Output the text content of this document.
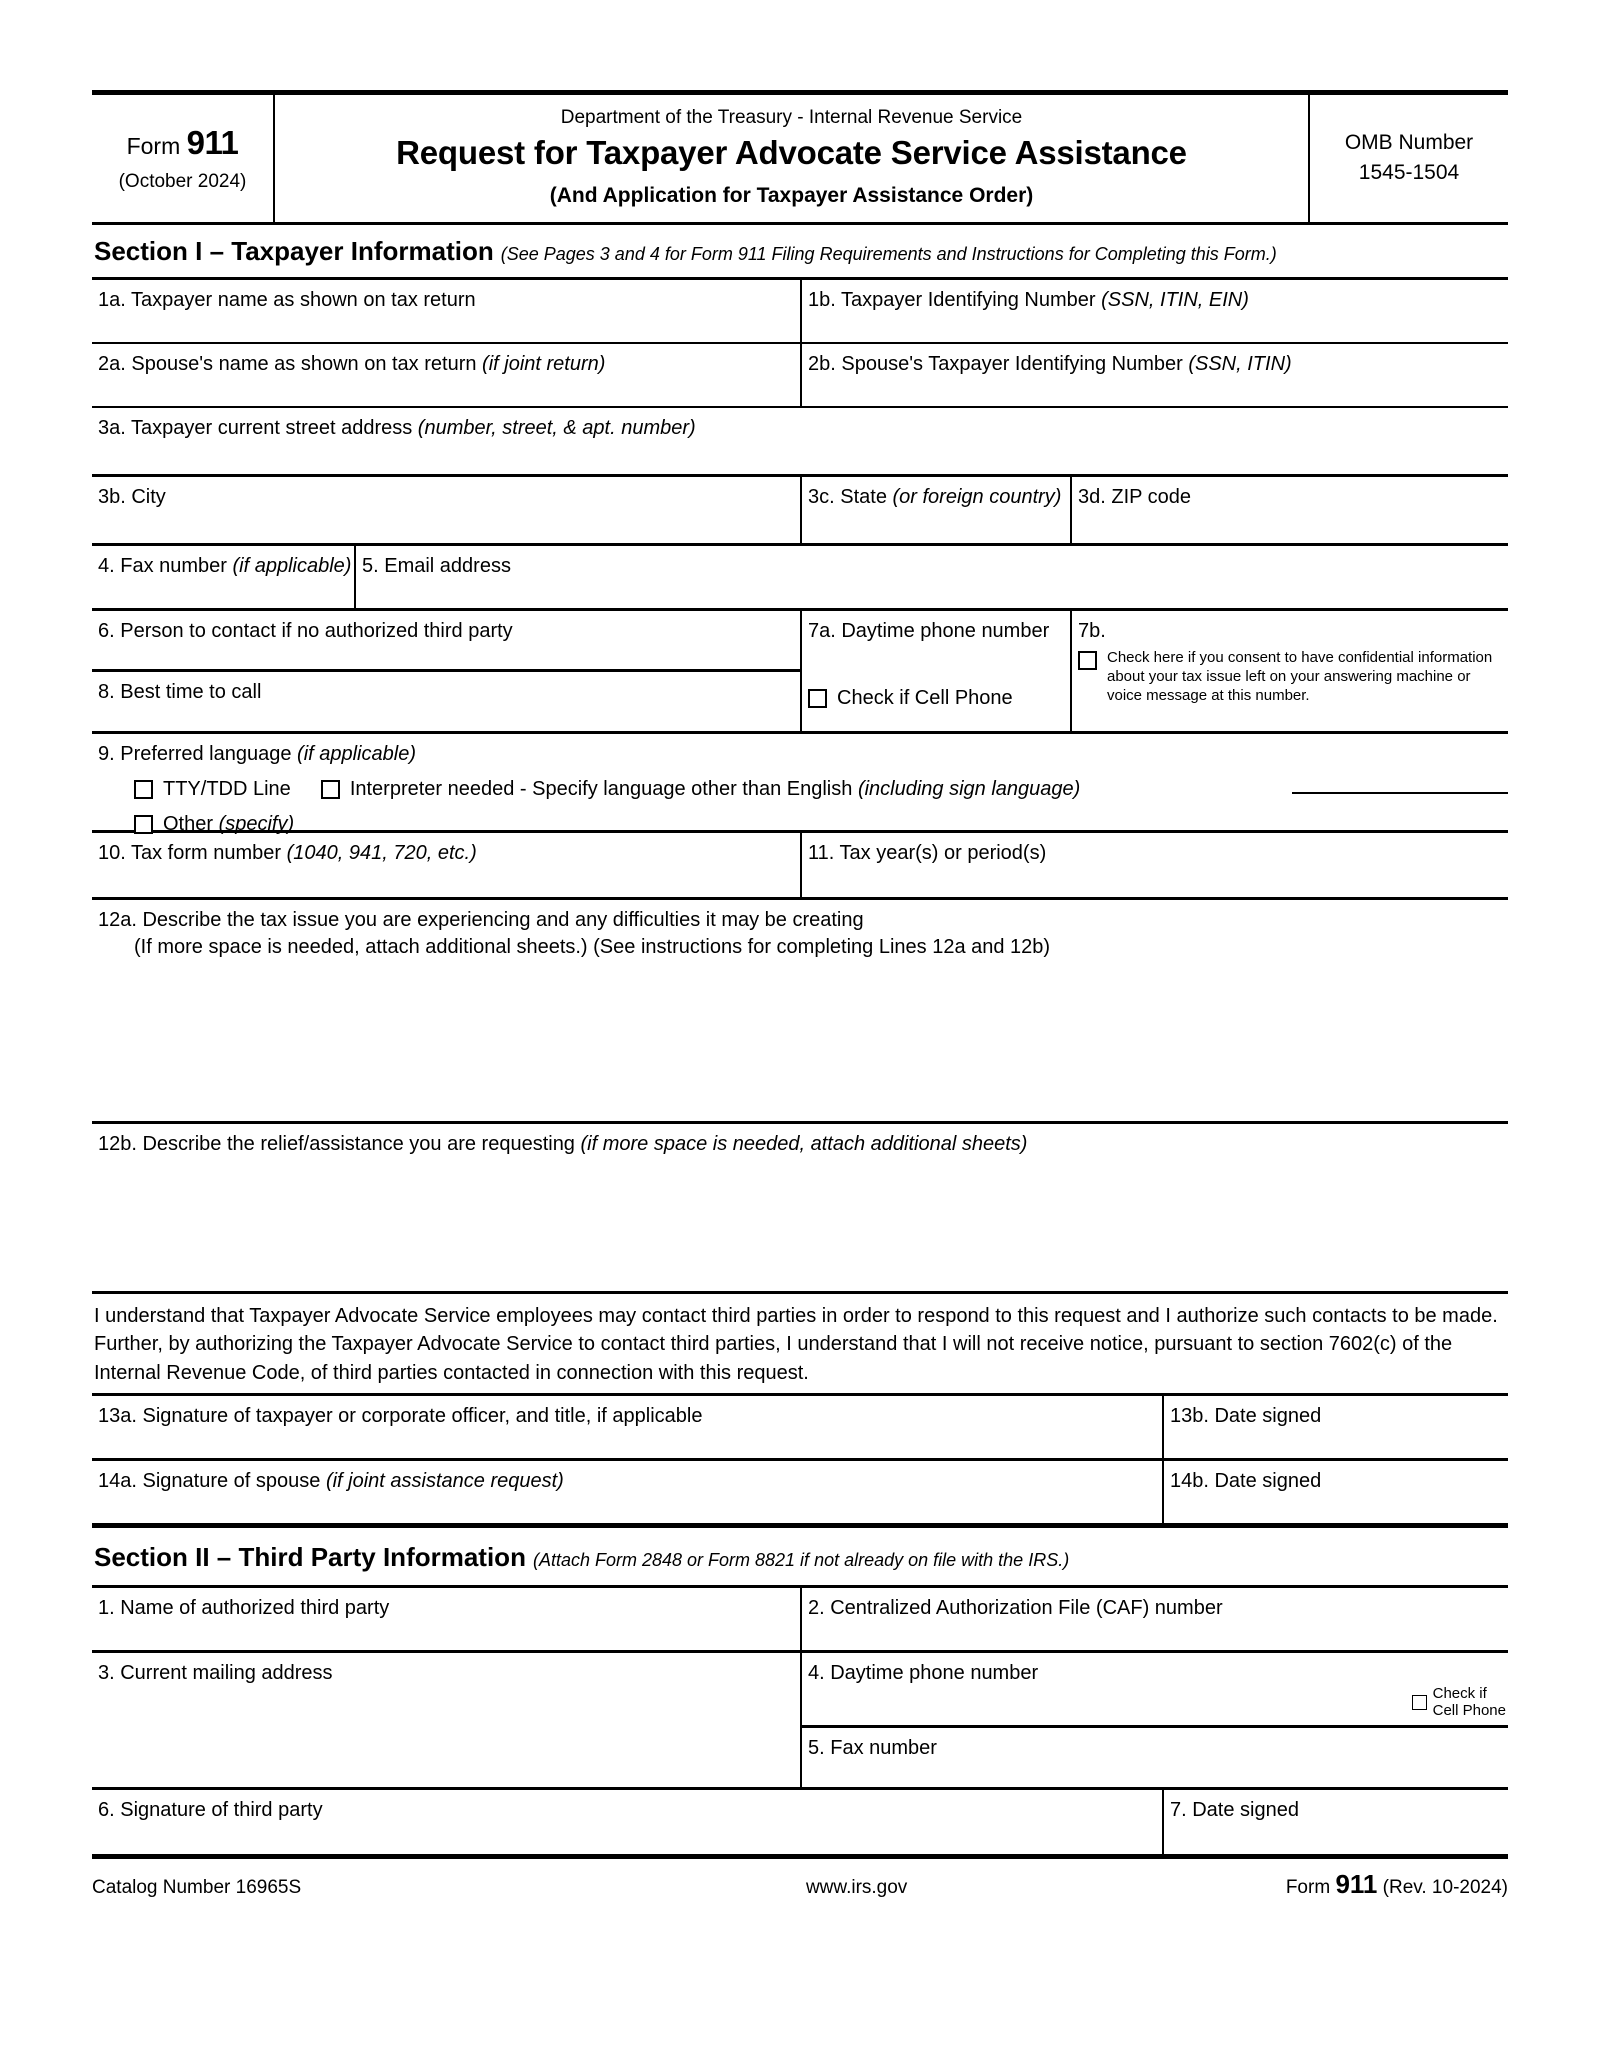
Form 911
(October 2024)
Department of the Treasury - Internal Revenue Service
Request for Taxpayer Advocate Service Assistance
(And Application for Taxpayer Assistance Order)
OMB Number
1545-1504
Section I – Taxpayer Information (See Pages 3 and 4 for Form 911 Filing Requirements and Instructions for Completing this Form.)
1a. Taxpayer name as shown on tax return	1b. Taxpayer Identifying Number (SSN, ITIN, EIN)
2a. Spouse's name as shown on tax return (if joint return)	2b. Spouse's Taxpayer Identifying Number (SSN, ITIN)
3a. Taxpayer current street address (number, street, & apt. number)
3b. City	3c. State (or foreign country) 3d. ZIP code
4. Fax number (if applicable) 5. Email address
6. Person to contact if no authorized third party
8. Best time to call
7a. Daytime phone number
Check if Cell Phone
7b.
Check here if you consent to have confidential information about your tax issue left on your answering machine or voice message at this number.
9. Preferred language (if applicable)
TTY/TDD Line	Interpreter needed - Specify language other than English (including sign language)
Other (specify)
10. Tax form number (1040, 941, 720, etc.)	11. Tax year(s) or period(s)
12a. Describe the tax issue you are experiencing and any difficulties it may be creating
(If more space is needed, attach additional sheets.) (See instructions for completing Lines 12a and 12b)
12b. Describe the relief/assistance you are requesting (if more space is needed, attach additional sheets)
I understand that Taxpayer Advocate Service employees may contact third parties in order to respond to this request and I authorize such contacts to be made. Further, by authorizing the Taxpayer Advocate Service to contact third parties, I understand that I will not receive notice, pursuant to section 7602(c) of the Internal Revenue Code, of third parties contacted in connection with this request.
13a. Signature of taxpayer or corporate officer, and title, if applicable	13b. Date signed
14a. Signature of spouse (if joint assistance request)	14b. Date signed
Section II – Third Party Information (Attach Form 2848 or Form 8821 if not already on file with the IRS.)
1. Name of authorized third party	2. Centralized Authorization File (CAF) number
3. Current mailing address	4. Daytime phone number
Check if
Cell Phone
5. Fax number
6. Signature of third party	7. Date signed
Catalog Number 16965S	www.irs.gov	Form 911 (Rev. 10-2024)
